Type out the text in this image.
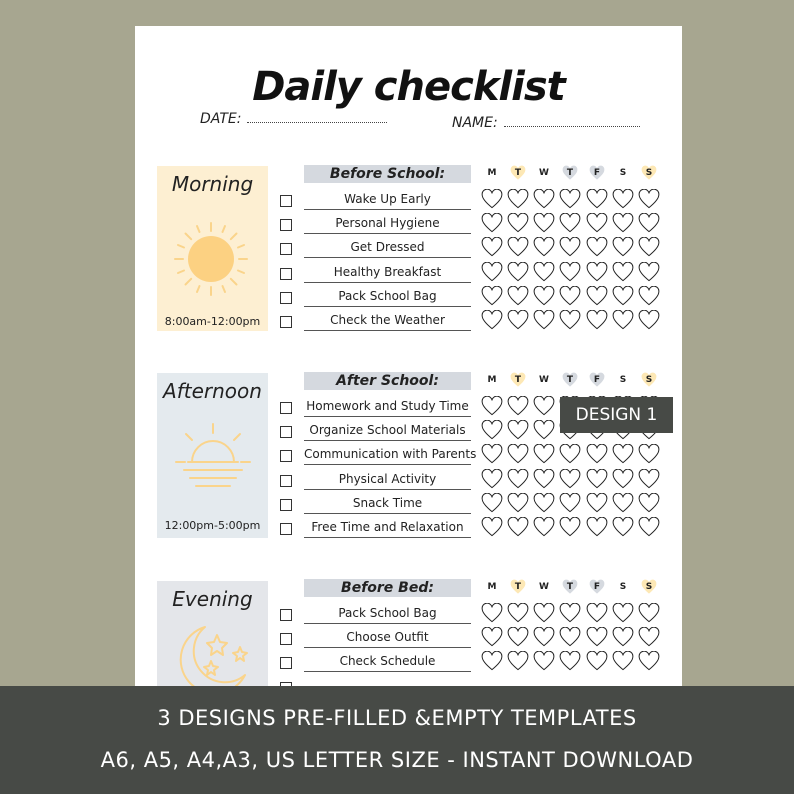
Daily checklist
DATE:	NAME:
Morning
8:00am-12:00pm
Afternoon
12:00pm-5:00pm
Evening
Before School:	M	T	W	T	F	S	S
Wake Up Early
Personal Hygiene
Get Dressed
Healthy Breakfast
Pack School Bag
Check the Weather
After School:	M	T	W	T	F	S	S
Homework and Study Time
Organize School Materials
Communication with Parents
Physical Activity
Snack Time
Free Time and Relaxation
Before Bed:	M	T	W	T	F	S	S
Pack School Bag
Choose Outfit
Check Schedule
DESIGN 1
3 DESIGNS PRE-FILLED &EMPTY TEMPLATES
A6, A5, A4,A3, US LETTER SIZE - INSTANT DOWNLOAD
